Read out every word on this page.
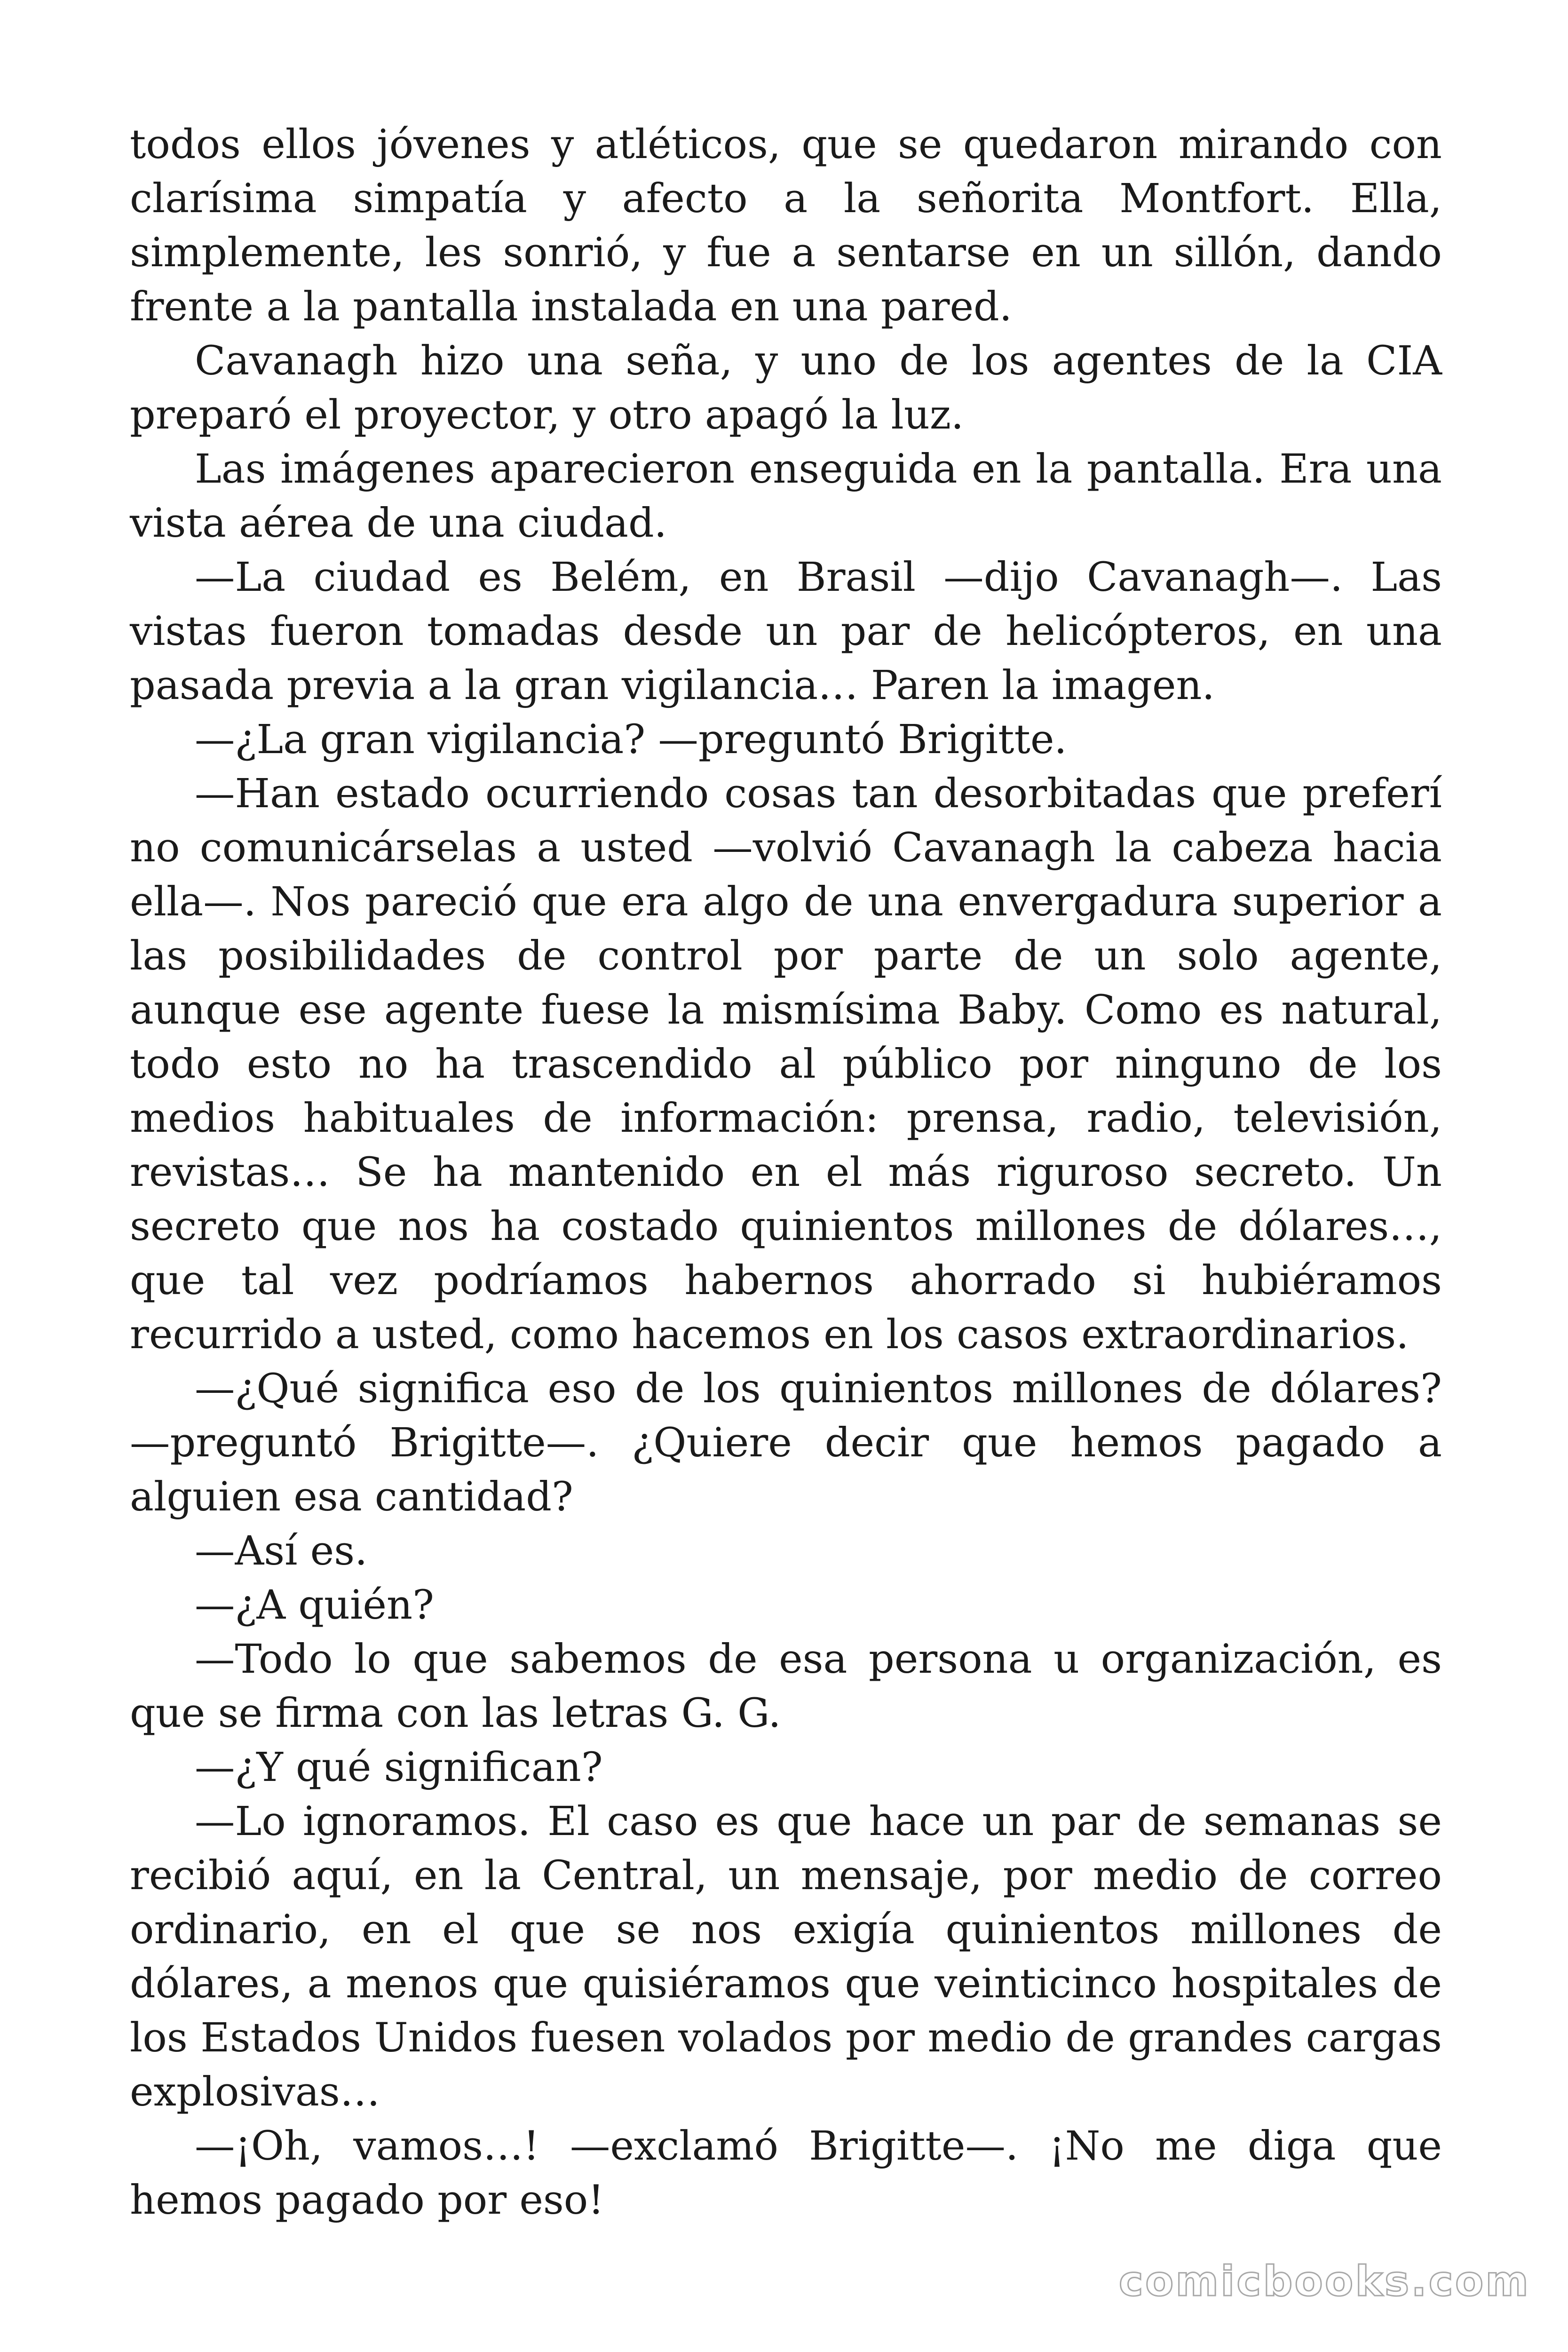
todos ellos jóvenes y atléticos, que se quedaron mirando con clarísima simpatía y afecto a la señorita Montfort. Ella, simplemente, les sonrió, y fue a sentarse en un sillón, dando frente a la pantalla instalada en una pared.

Cavanagh hizo una seña, y uno de los agentes de la CIA preparó el proyector, y otro apagó la luz.

Las imágenes aparecieron enseguida en la pantalla. Era una vista aérea de una ciudad.

—La ciudad es Belém, en Brasil —dijo Cavanagh—. Las vistas fueron tomadas desde un par de helicópteros, en una pasada previa a la gran vigilancia… Paren la imagen.

—¿La gran vigilancia? —preguntó Brigitte.

—Han estado ocurriendo cosas tan desorbitadas que preferí no comunicárselas a usted —volvió Cavanagh la cabeza hacia ella—. Nos pareció que era algo de una envergadura superior a las posibilidades de control por parte de un solo agente, aunque ese agente fuese la mismísima Baby. Como es natural, todo esto no ha trascendido al público por ninguno de los medios habituales de información: prensa, radio, televisión, revistas… Se ha mantenido en el más riguroso secreto. Un secreto que nos ha costado quinientos millones de dólares…, que tal vez podríamos habernos ahorrado si hubiéramos recurrido a usted, como hacemos en los casos extraordinarios.

—¿Qué significa eso de los quinientos millones de dólares? —preguntó Brigitte—. ¿Quiere decir que hemos pagado a alguien esa cantidad?

—Así es.

—¿A quién?

—Todo lo que sabemos de esa persona u organización, es que se firma con las letras G. G.

—¿Y qué significan?

—Lo ignoramos. El caso es que hace un par de semanas se recibió aquí, en la Central, un mensaje, por medio de correo ordinario, en el que se nos exigía quinientos millones de dólares, a menos que quisiéramos que veinticinco hospitales de los Estados Unidos fuesen volados por medio de grandes cargas explosivas…

—¡Oh, vamos…! —exclamó Brigitte—. ¡No me diga que hemos pagado por eso!

comicbooks.com
